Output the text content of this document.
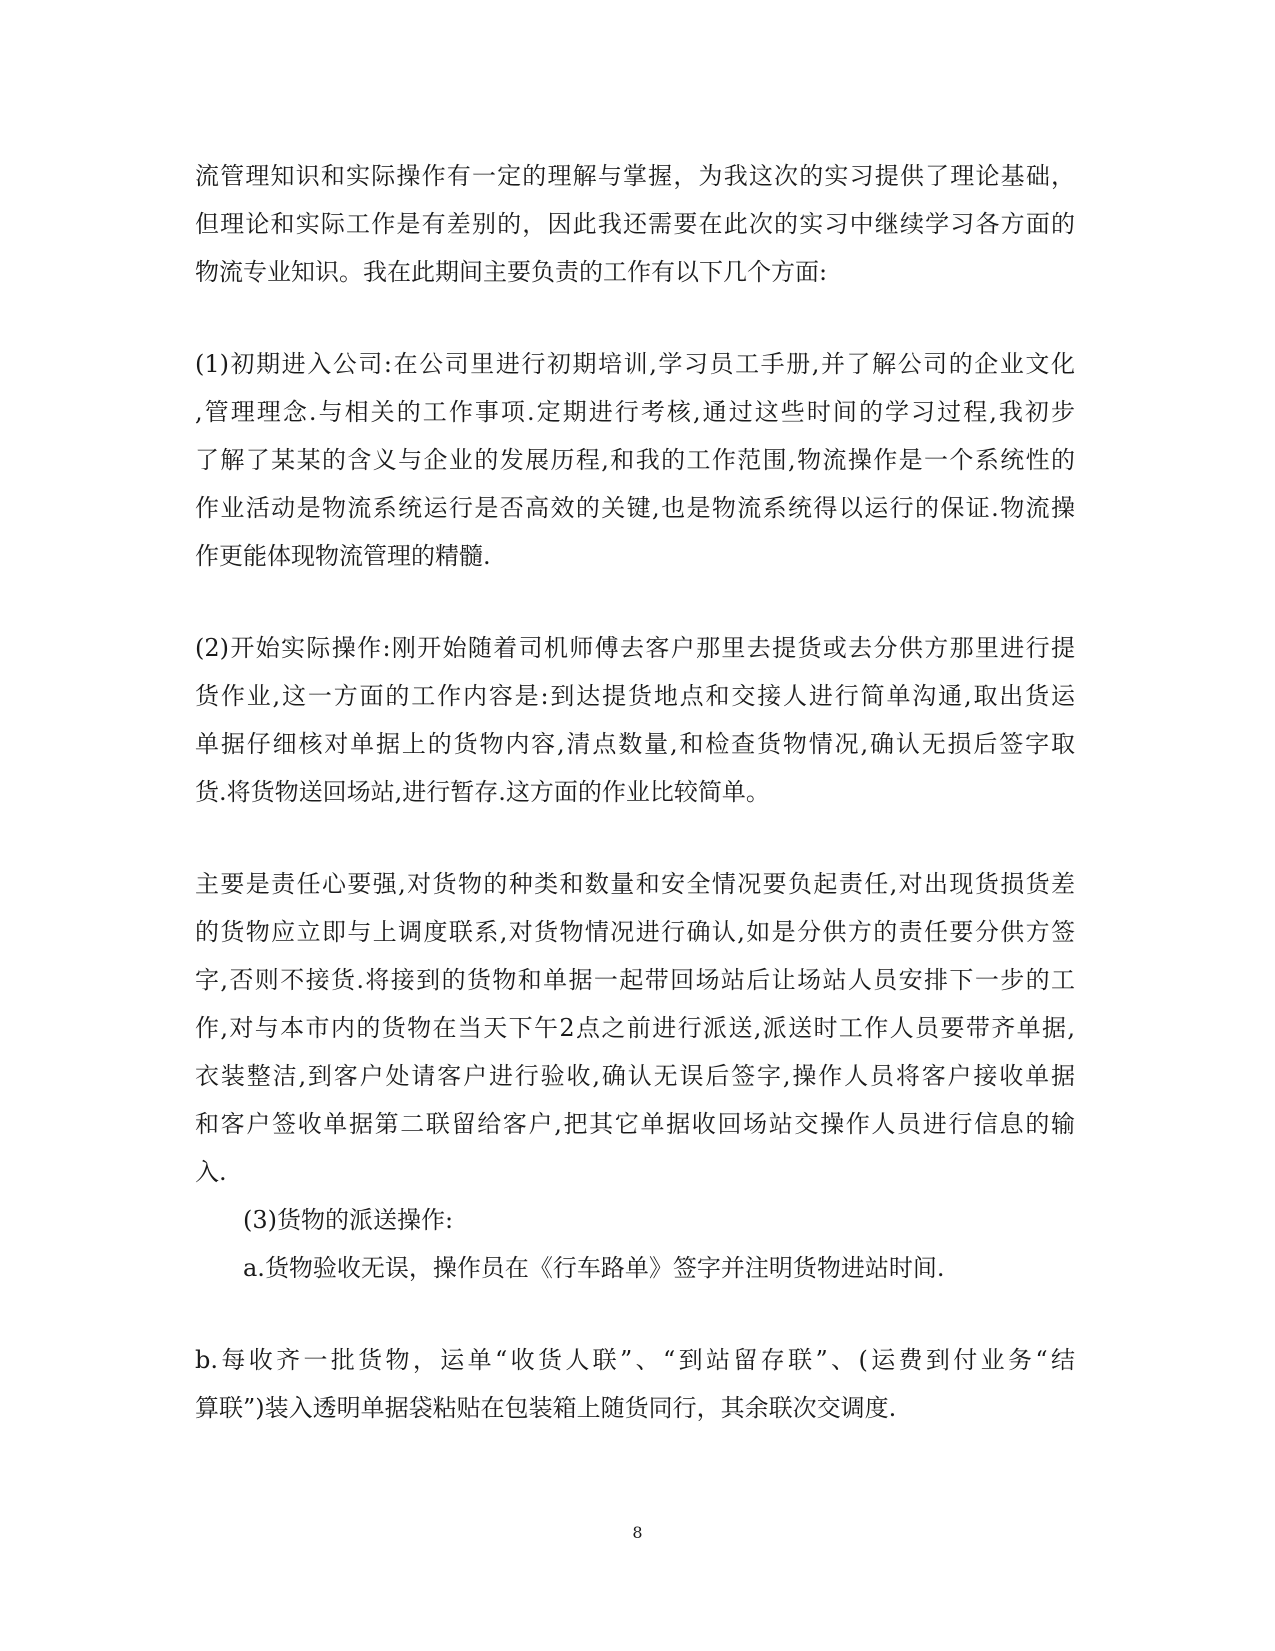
流管理知识和实际操作有一定的理解与掌握，为我这次的实习提供了理论基础，
但理论和实际工作是有差别的，因此我还需要在此次的实习中继续学习各方面的
物流专业知识。我在此期间主要负责的工作有以下几个方面:
(1)初期进入公司:在公司里进行初期培训,学习员工手册,并了解公司的企业文化
,管理理念.与相关的工作事项.定期进行考核,通过这些时间的学习过程,我初步
了解了某某的含义与企业的发展历程,和我的工作范围,物流操作是一个系统性的
作业活动是物流系统运行是否高效的关键,也是物流系统得以运行的保证.物流操
作更能体现物流管理的精髓.
(2)开始实际操作:刚开始随着司机师傅去客户那里去提货或去分供方那里进行提
货作业,这一方面的工作内容是:到达提货地点和交接人进行简单沟通,取出货运
单据仔细核对单据上的货物内容,清点数量,和检查货物情况,确认无损后签字取
货.将货物送回场站,进行暂存.这方面的作业比较简单。
主要是责任心要强,对货物的种类和数量和安全情况要负起责任,对出现货损货差
的货物应立即与上调度联系,对货物情况进行确认,如是分供方的责任要分供方签
字,否则不接货.将接到的货物和单据一起带回场站后让场站人员安排下一步的工
作,对与本市内的货物在当天下午2点之前进行派送,派送时工作人员要带齐单据,
衣装整洁,到客户处请客户进行验收,确认无误后签字,操作人员将客户接收单据
和客户签收单据第二联留给客户,把其它单据收回场站交操作人员进行信息的输
入.
(3)货物的派送操作:
a.货物验收无误，操作员在《行车路单》签字并注明货物进站时间.
b.每收齐一批货物，运单“收货人联”、“到站留存联”、(运费到付业务“结
算联”)装入透明单据袋粘贴在包装箱上随货同行，其余联次交调度.
8
